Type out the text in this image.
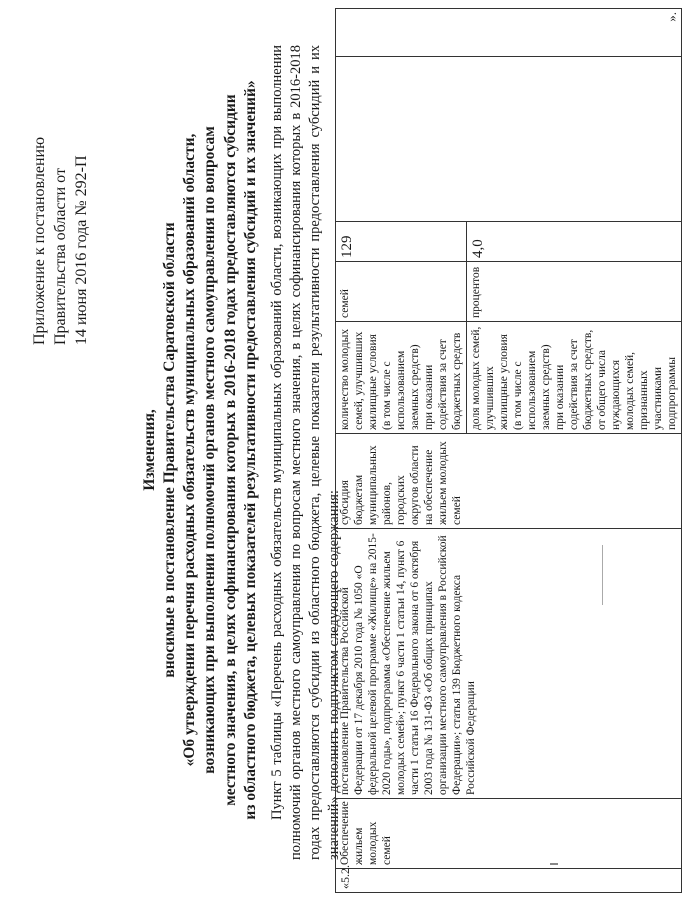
Приложение к постановлению Правительства области от 14 июня 2016 года № 292-П
Изменения, вносимые в постановление Правительства Саратовской области «Об утверждении перечня расходных обязательств муниципальных образований области, возникающих при выполнении полномочий органов местного самоуправления по вопросам местного значения, в целях софинансирования которых в 2016-2018 годах предоставляются субсидии из областного бюджета, целевых показателей результативности предоставления субсидий и их значений» Пункт 5 таблицы «Перечень расходных обязательств муниципальных образований области, возникающих при выполнении полномочий органов местного самоуправления по вопросам местного значения, в целях софинансирования которых в 2016-2018 годах предоставляются субсидии из областного бюджета, целевые показатели результативности предоставления субсидий и их значений» дополнить подпунктом следующего содержания:
«5.2.	Обеспечение жильем молодых семей	постановление Правительства Российской Федерации от 17 декабря 2010 года № 1050 «О федеральной целевой программе «Жилище» на 2015-2020 годы», подпрограмма «Обеспечение жильем молодых семей»; пункт 6 части 1 статьи 14, пункт 6 части 1 статьи 16 Федерального закона от 6 октября 2003 года № 131-ФЗ «Об общих принципах организации местного самоуправления в Российской Федерации»; статья 139 Бюджетного кодекса Российской Федерации	субсидия бюджетам муниципальных районов, городских округов области на обеспечение жильем молодых семей	количество молодых семей, улучшивших жилищные условия (в том числе с использованием заемных средств) при оказании содействия за счет бюджетных средств	семей	129		».
				доля молодых семей, улучшивших жилищные условия (в том числе с использованием заемных средств) при оказании содействия за счет бюджетных средств, от общего числа нуждающихся молодых семей, признанных участниками подпрограммы	процентов	4,0		
